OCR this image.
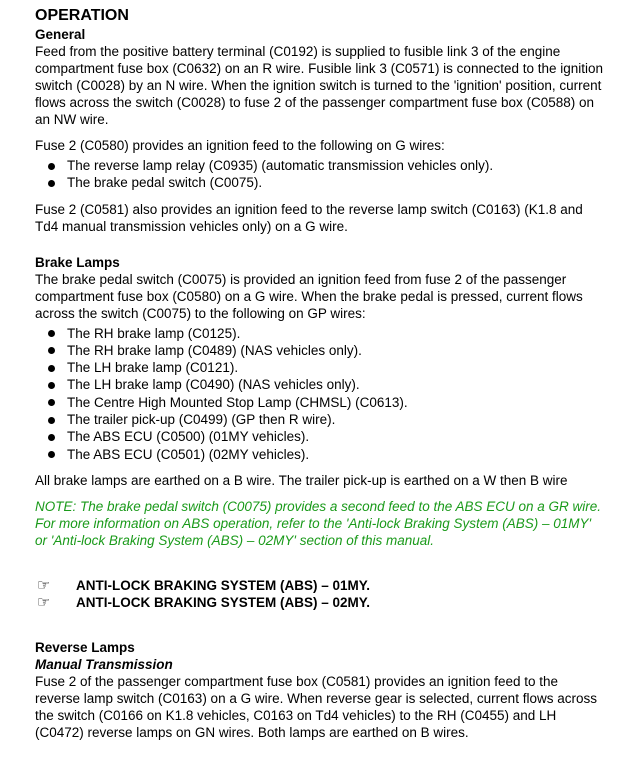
OPERATION
General

Feed from the positive battery terminal (C0192) is supplied to fusible link 3 of the engine compartment fuse box (C0632) on an R wire. Fusible link 3 (C0571) is connected to the ignition switch (C0028) by an N wire. When the ignition switch is turned to the 'ignition' position, current flows across the switch (C0028) to fuse 2 of the passenger compartment fuse box (C0588) on an NW wire.

Fuse 2 (C0580) provides an ignition feed to the following on G wires:

The reverse lamp relay (C0935) (automatic transmission vehicles only).
The brake pedal switch (C0075).

Fuse 2 (C0581) also provides an ignition feed to the reverse lamp switch (C0163) (K1.8 and Td4 manual transmission vehicles only) on a G wire.

Brake Lamps

The brake pedal switch (C0075) is provided an ignition feed from fuse 2 of the passenger compartment fuse box (C0580) on a G wire. When the brake pedal is pressed, current flows across the switch (C0075) to the following on GP wires:

The RH brake lamp (C0125).
The RH brake lamp (C0489) (NAS vehicles only).
The LH brake lamp (C0121).
The LH brake lamp (C0490) (NAS vehicles only).
The Centre High Mounted Stop Lamp (CHMSL) (C0613).
The trailer pick-up (C0499) (GP then R wire).
The ABS ECU (C0500) (01MY vehicles).
The ABS ECU (C0501) (02MY vehicles).

All brake lamps are earthed on a B wire. The trailer pick-up is earthed on a W then B wire

NOTE: The brake pedal switch (C0075) provides a second feed to the ABS ECU on a GR wire. For more information on ABS operation, refer to the 'Anti-lock Braking System (ABS) – 01MY' or 'Anti-lock Braking System (ABS) – 02MY' section of this manual.

☞ ANTI-LOCK BRAKING SYSTEM (ABS) – 01MY.
☞ ANTI-LOCK BRAKING SYSTEM (ABS) – 02MY.
Reverse Lamps
Manual Transmission

Fuse 2 of the passenger compartment fuse box (C0581) provides an ignition feed to the reverse lamp switch (C0163) on a G wire. When reverse gear is selected, current flows across the switch (C0166 on K1.8 vehicles, C0163 on Td4 vehicles) to the RH (C0455) and LH (C0472) reverse lamps on GN wires. Both lamps are earthed on B wires.
